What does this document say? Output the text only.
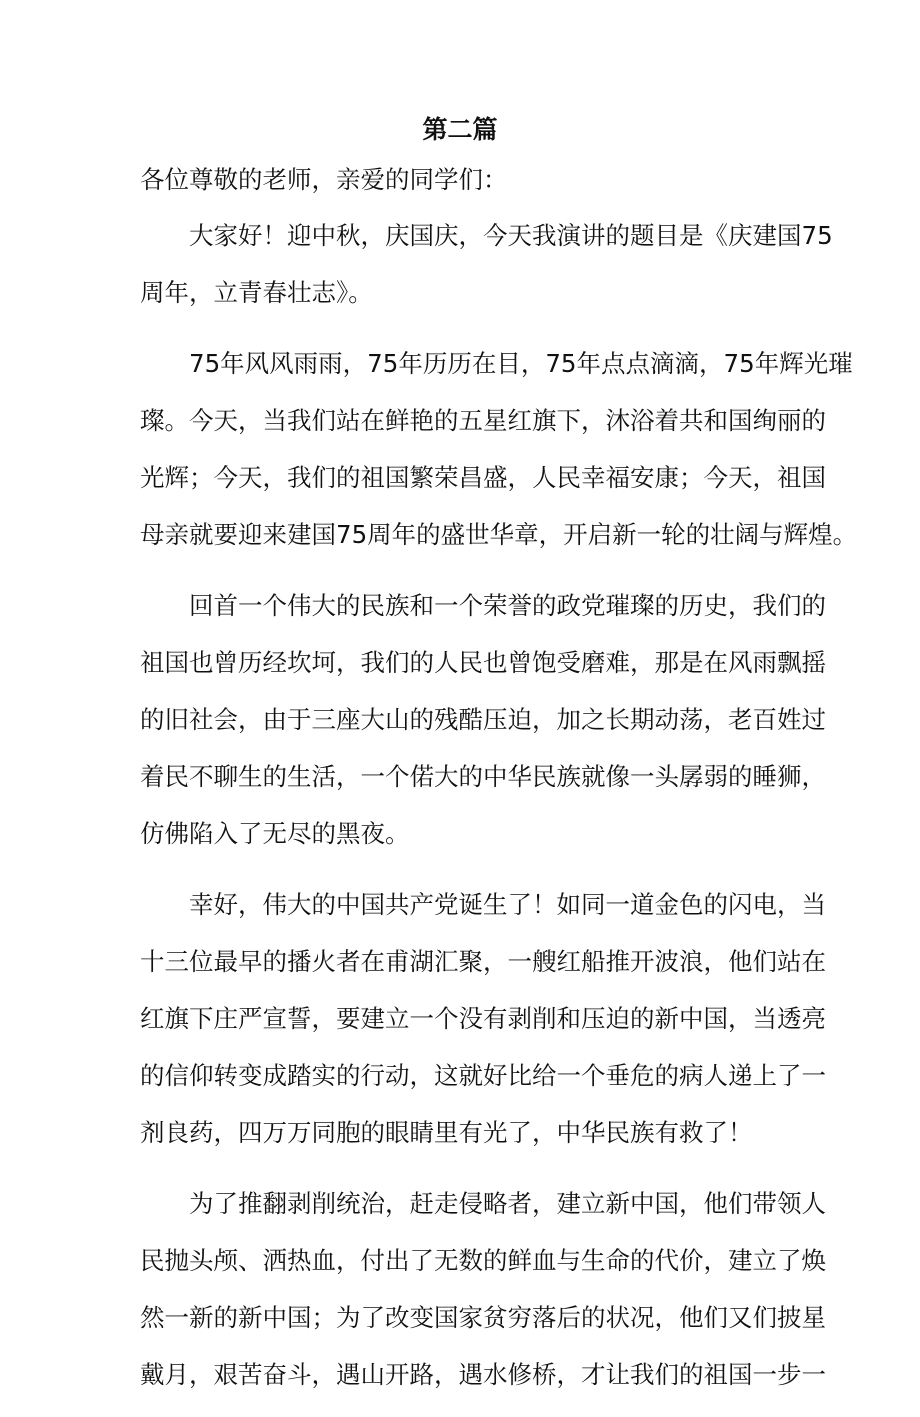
第二篇

各位尊敬的老师，亲爱的同学们：

大家好！迎中秋，庆国庆，今天我演讲的题目是《庆建国75
周年，立青春壮志》。
75年风风雨雨，75年历历在目，75年点点滴滴，75年辉光璀
璨。今天，当我们站在鲜艳的五星红旗下，沐浴着共和国绚丽的
光辉；今天，我们的祖国繁荣昌盛，人民幸福安康；今天，祖国
母亲就要迎来建国75周年的盛世华章，开启新一轮的壮阔与辉煌。
回首一个伟大的民族和一个荣誉的政党璀璨的历史，我们的
祖国也曾历经坎坷，我们的人民也曾饱受磨难，那是在风雨飘摇
的旧社会，由于三座大山的残酷压迫，加之长期动荡，老百姓过
着民不聊生的生活，一个偌大的中华民族就像一头孱弱的睡狮，
仿佛陷入了无尽的黑夜。
幸好，伟大的中国共产党诞生了！如同一道金色的闪电，当
十三位最早的播火者在甫湖汇聚，一艘红船推开波浪，他们站在
红旗下庄严宣誓，要建立一个没有剥削和压迫的新中国，当透亮
的信仰转变成踏实的行动，这就好比给一个垂危的病人递上了一
剂良药，四万万同胞的眼睛里有光了，中华民族有救了！
为了推翻剥削统治，赶走侵略者，建立新中国，他们带领人
民抛头颅、洒热血，付出了无数的鲜血与生命的代价，建立了焕
然一新的新中国；为了改变国家贫穷落后的状况，他们又们披星
戴月，艰苦奋斗，遇山开路，遇水修桥，才让我们的祖国一步一
